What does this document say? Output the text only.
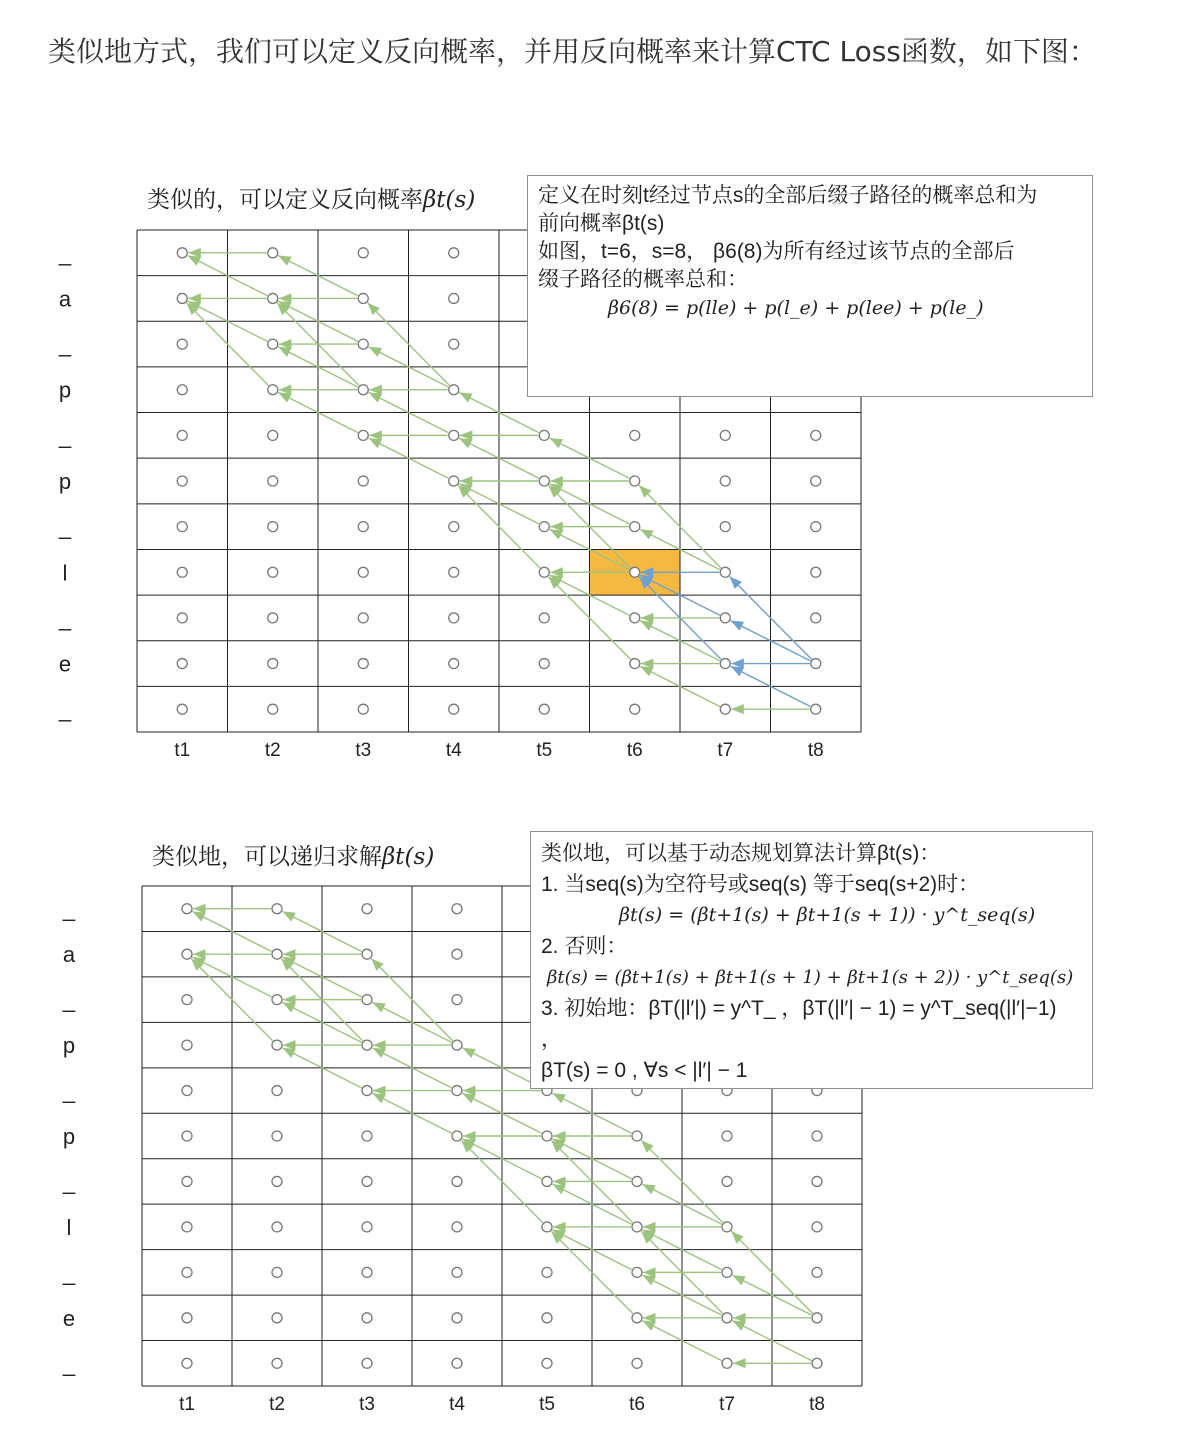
类似地方式，我们可以定义反向概率，并用反向概率来计算CTC Loss函数，如下图：
类似的，可以定义反向概率βt(s)
_
a
_
p
_
p
_
l
_
e
_
t1	t2	t3	t4	t5	t6	t7	t8
定义在时刻t经过节点s的全部后缀子路径的概率总和为
前向概率βt(s)
如图，t=6，s=8， β6(8)为所有经过该节点的全部后
缀子路径的概率总和：
β6(8) = p(lle) + p(l_e) + p(lee) + p(le_)
_
a
_
p
_
p
_
l
_
e
_
t1	t2	t3	t4	t5	t6	t7	t8
类似地，可以递归求解βt(s)	类似地，可以基于动态规划算法计算βt(s)：
1. 当seq(s)为空符号或seq(s) 等于seq(s+2)时：
βt(s) = (βt+1(s) + βt+1(s + 1)) · y^t_seq(s)
2. 否则：
βt(s) = (βt+1(s) + βt+1(s + 1) + βt+1(s + 2)) · y^t_seq(s)
3. 初始地：βT(|l′|) = y^T_ ，βT(|l′| − 1) = y^T_seq(|l′|−1) ，
βT(s) = 0 , ∀s < |l′| − 1
